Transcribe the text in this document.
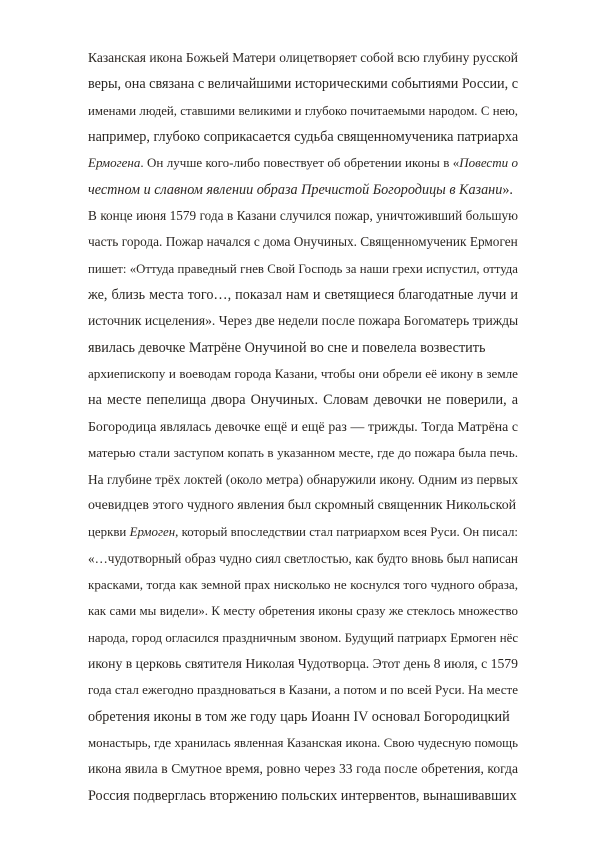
Казанская икона Божьей Матери олицетворяет собой всю глубину русской
веры, она связана с величайшими историческими событиями России, с
именами людей, ставшими великими и глубоко почитаемыми народом. С нею,
например, глубоко соприкасается судьба священномученика патриарха
Ермогена. Он лучше кого-либо повествует об обретении иконы в «Повести о
честном и славном явлении образа Пречистой Богородицы в Казани».
В конце июня 1579 года в Казани случился пожар, уничтоживший большую
часть города. Пожар начался с дома Онучиных. Священномученик Ермоген
пишет: «Оттуда праведный гнев Свой Господь за наши грехи испустил, оттуда
же, близь места того…, показал нам и светящиеся благодатные лучи и
источник исцеления». Через две недели после пожара Богоматерь трижды
явилась девочке Матрёне Онучиной во сне и повелела возвестить
архиепископу и воеводам города Казани, чтобы они обрели её икону в земле
на месте пепелища двора Онучиных. Словам девочки не поверили, а
Богородица являлась девочке ещё и ещё раз — трижды. Тогда Матрёна с
матерью стали заступом копать в указанном месте, где до пожара была печь.
На глубине трёх локтей (около метра) обнаружили икону. Одним из первых
очевидцев этого чудного явления был скромный священник Никольской
церкви Ермоген, который впоследствии стал патриархом всея Руси. Он писал:
«…чудотворный образ чудно сиял светлостью, как будто вновь был написан
красками, тогда как земной прах нисколько не коснулся того чудного образа,
как сами мы видели». К месту обретения иконы сразу же стеклось множество
народа, город огласился праздничным звоном. Будущий патриарх Ермоген нёс
икону в церковь святителя Николая Чудотворца. Этот день 8 июля, с 1579
года стал ежегодно праздноваться в Казани, а потом и по всей Руси. На месте
обретения иконы в том же году царь Иоанн IV основал Богородицкий
монастырь, где хранилась явленная Казанская икона. Свою чудесную помощь
икона явила в Смутное время, ровно через 33 года после обретения, когда
Россия подверглась вторжению польских интервентов, вынашивавших
